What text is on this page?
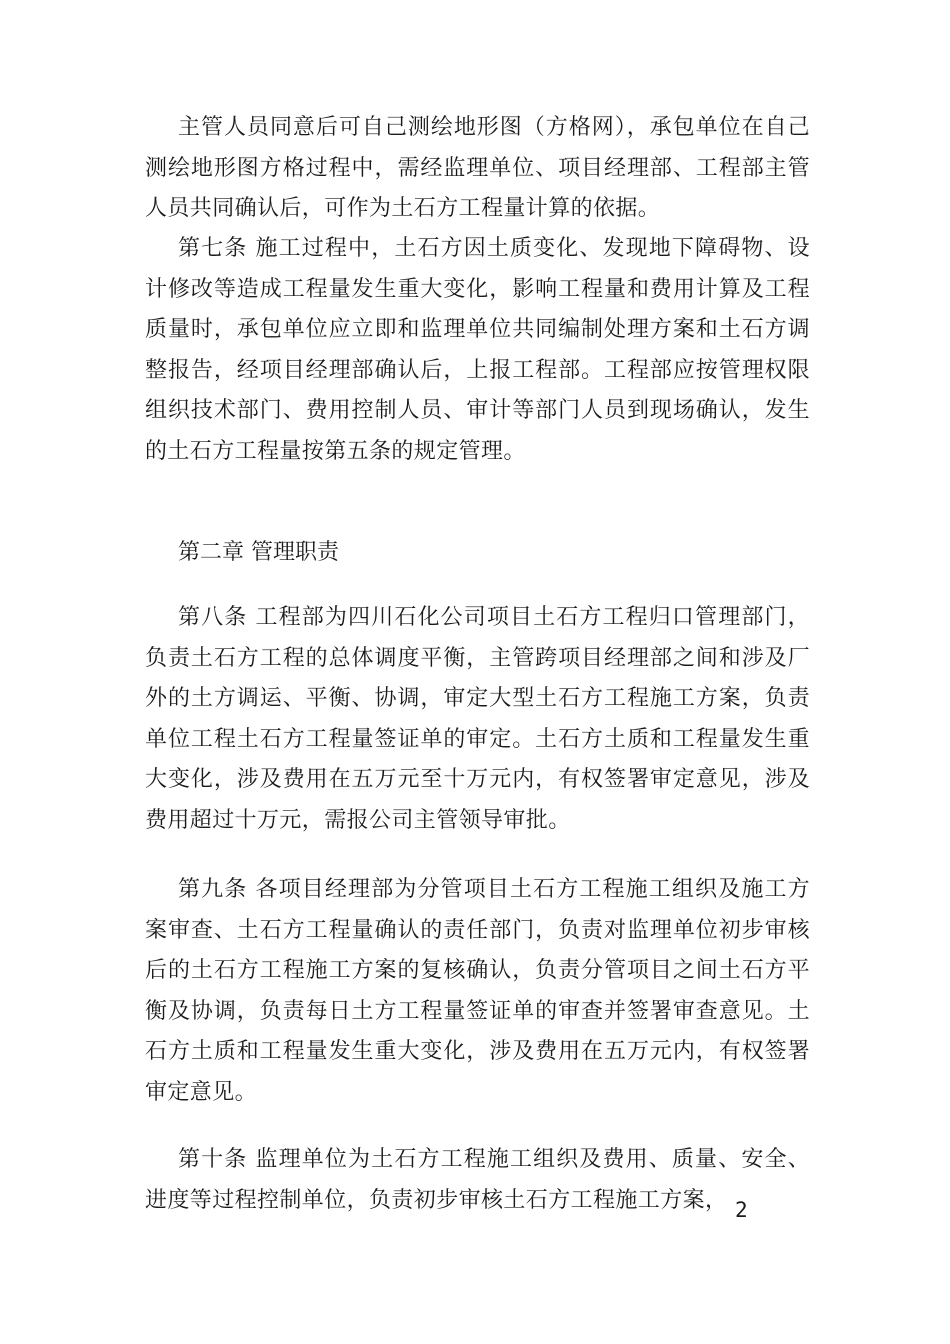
主管人员同意后可自己测绘地形图（方格网），承包单位在自己测绘地形图方格过程中，需经监理单位、项目经理部、工程部主管人员共同确认后，可作为土石方工程量计算的依据。

第七条 施工过程中，土石方因土质变化、发现地下障碍物、设计修改等造成工程量发生重大变化，影响工程量和费用计算及工程质量时，承包单位应立即和监理单位共同编制处理方案和土石方调整报告，经项目经理部确认后，上报工程部。工程部应按管理权限组织技术部门、费用控制人员、审计等部门人员到现场确认，发生的土石方工程量按第五条的规定管理。

第二章 管理职责

第八条 工程部为四川石化公司项目土石方工程归口管理部门，负责土石方工程的总体调度平衡，主管跨项目经理部之间和涉及厂外的土方调运、平衡、协调，审定大型土石方工程施工方案，负责单位工程土石方工程量签证单的审定。土石方土质和工程量发生重大变化，涉及费用在五万元至十万元内，有权签署审定意见，涉及费用超过十万元，需报公司主管领导审批。

第九条 各项目经理部为分管项目土石方工程施工组织及施工方案审查、土石方工程量确认的责任部门，负责对监理单位初步审核后的土石方工程施工方案的复核确认，负责分管项目之间土石方平衡及协调，负责每日土方工程量签证单的审查并签署审查意见。土石方土质和工程量发生重大变化，涉及费用在五万元内，有权签署审定意见。

第十条 监理单位为土石方工程施工组织及费用、质量、安全、进度等过程控制单位，负责初步审核土石方工程施工方案， 2
